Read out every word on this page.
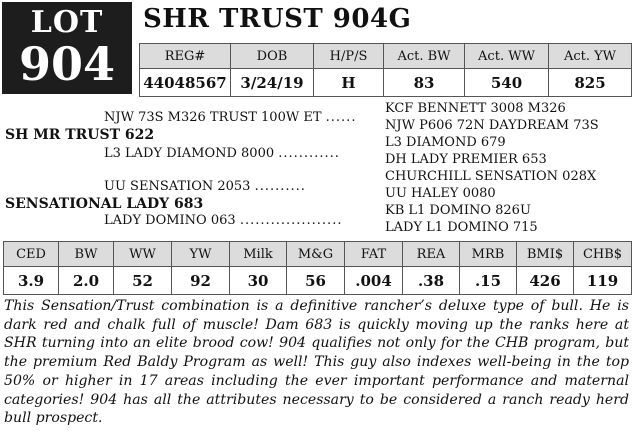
LOT
904
SHR TRUST 904G
REG#	DOB	H/P/S	Act. BW	Act. WW	Act. YW
44048567	3/24/19	H	83	540	825
NJW 73S M326 TRUST 100W ET ......
SH MR TRUST 622
L3 LADY DIAMOND 8000 ............
UU SENSATION 2053 ..........
SENSATIONAL LADY 683
LADY DOMINO 063 ....................
KCF BENNETT 3008 M326
NJW P606 72N DAYDREAM 73S
L3 DIAMOND 679
DH LADY PREMIER 653
CHURCHILL SENSATION 028X
UU HALEY 0080
KB L1 DOMINO 826U
LADY L1 DOMINO 715
CED	BW	WW	YW	Milk	M&G	FAT	REA	MRB	BMI$	CHB$
3.9	2.0	52	92	30	56	.004	.38	.15	426	119

This Sensation/Trust combination is a definitive rancher’s deluxe type of bull. He is dark red and chalk full of muscle! Dam 683 is quickly moving up the ranks here at SHR turning into an elite brood cow! 904 qualifies not only for the CHB program, but the premium Red Baldy Program as well! This guy also indexes well-being in the top 50% or higher in 17 areas including the ever important performance and maternal categories! 904 has all the attributes necessary to be considered a ranch ready herd bull prospect.
